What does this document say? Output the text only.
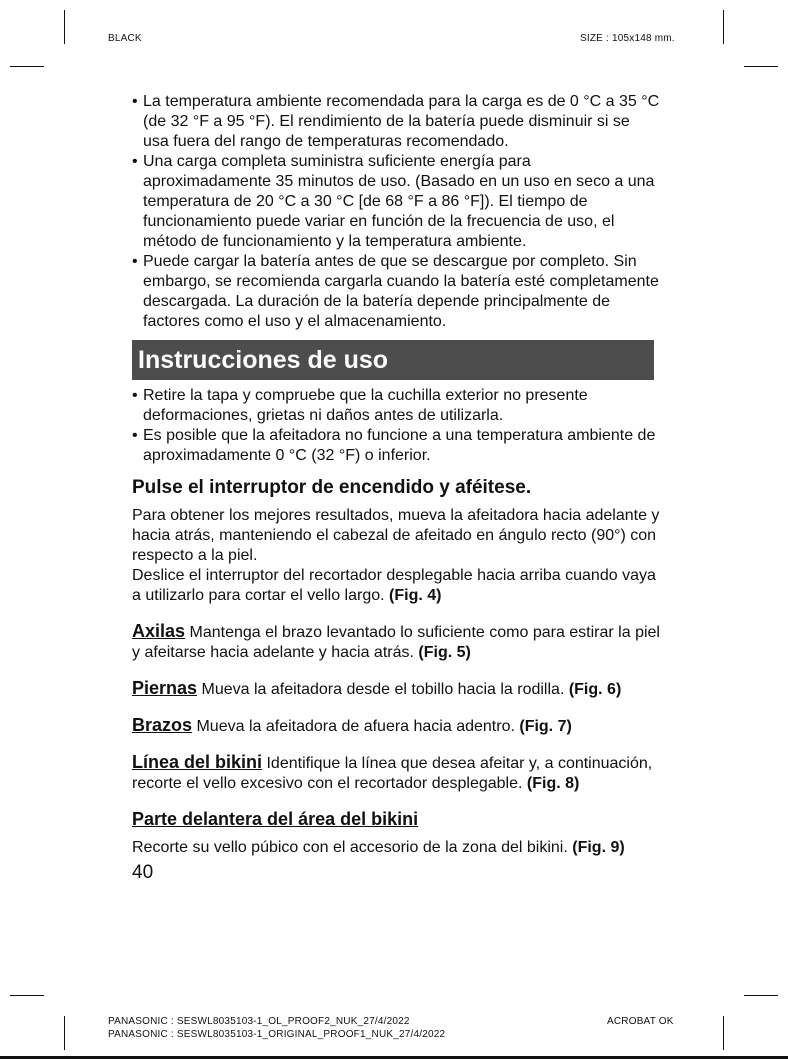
BLACK	SIZE : 105x148 mm.
• La temperatura ambiente recomendada para la carga es de 0 °C a 35 °C (de 32 °F a 95 °F). El rendimiento de la batería puede disminuir si se usa fuera del rango de temperaturas recomendado.
• Una carga completa suministra suficiente energía para aproximadamente 35 minutos de uso. (Basado en un uso en seco a una temperatura de 20 °C a 30 °C [de 68 °F a 86 °F]). El tiempo de funcionamiento puede variar en función de la frecuencia de uso, el método de funcionamiento y la temperatura ambiente.
• Puede cargar la batería antes de que se descargue por completo. Sin embargo, se recomienda cargarla cuando la batería esté completamente descargada. La duración de la batería depende principalmente de factores como el uso y el almacenamiento.
Instrucciones de uso
• Retire la tapa y compruebe que la cuchilla exterior no presente deformaciones, grietas ni daños antes de utilizarla.
• Es posible que la afeitadora no funcione a una temperatura ambiente de aproximadamente 0 °C (32 °F) o inferior.
Pulse el interruptor de encendido y aféitese.

Para obtener los mejores resultados, mueva la afeitadora hacia adelante y hacia atrás, manteniendo el cabezal de afeitado en ángulo recto (90°) con respecto a la piel.

Deslice el interruptor del recortador desplegable hacia arriba cuando vaya a utilizarlo para cortar el vello largo. (Fig. 4)

Axilas Mantenga el brazo levantado lo suficiente como para estirar la piel y afeitarse hacia adelante y hacia atrás. (Fig. 5)
Piernas Mueva la afeitadora desde el tobillo hacia la rodilla. (Fig. 6)
Brazos Mueva la afeitadora de afuera hacia adentro. (Fig. 7)
Línea del bikini Identifique la línea que desea afeitar y, a continuación, recorte el vello excesivo con el recortador desplegable. (Fig. 8)
Parte delantera del área del bikini

Recorte su vello púbico con el accesorio de la zona del bikini. (Fig. 9)

40
PANASONIC : SESWL8035103-1_OL_PROOF2_NUK_27/4/2022
PANASONIC : SESWL8035103-1_ORIGINAL_PROOF1_NUK_27/4/2022
ACROBAT OK
